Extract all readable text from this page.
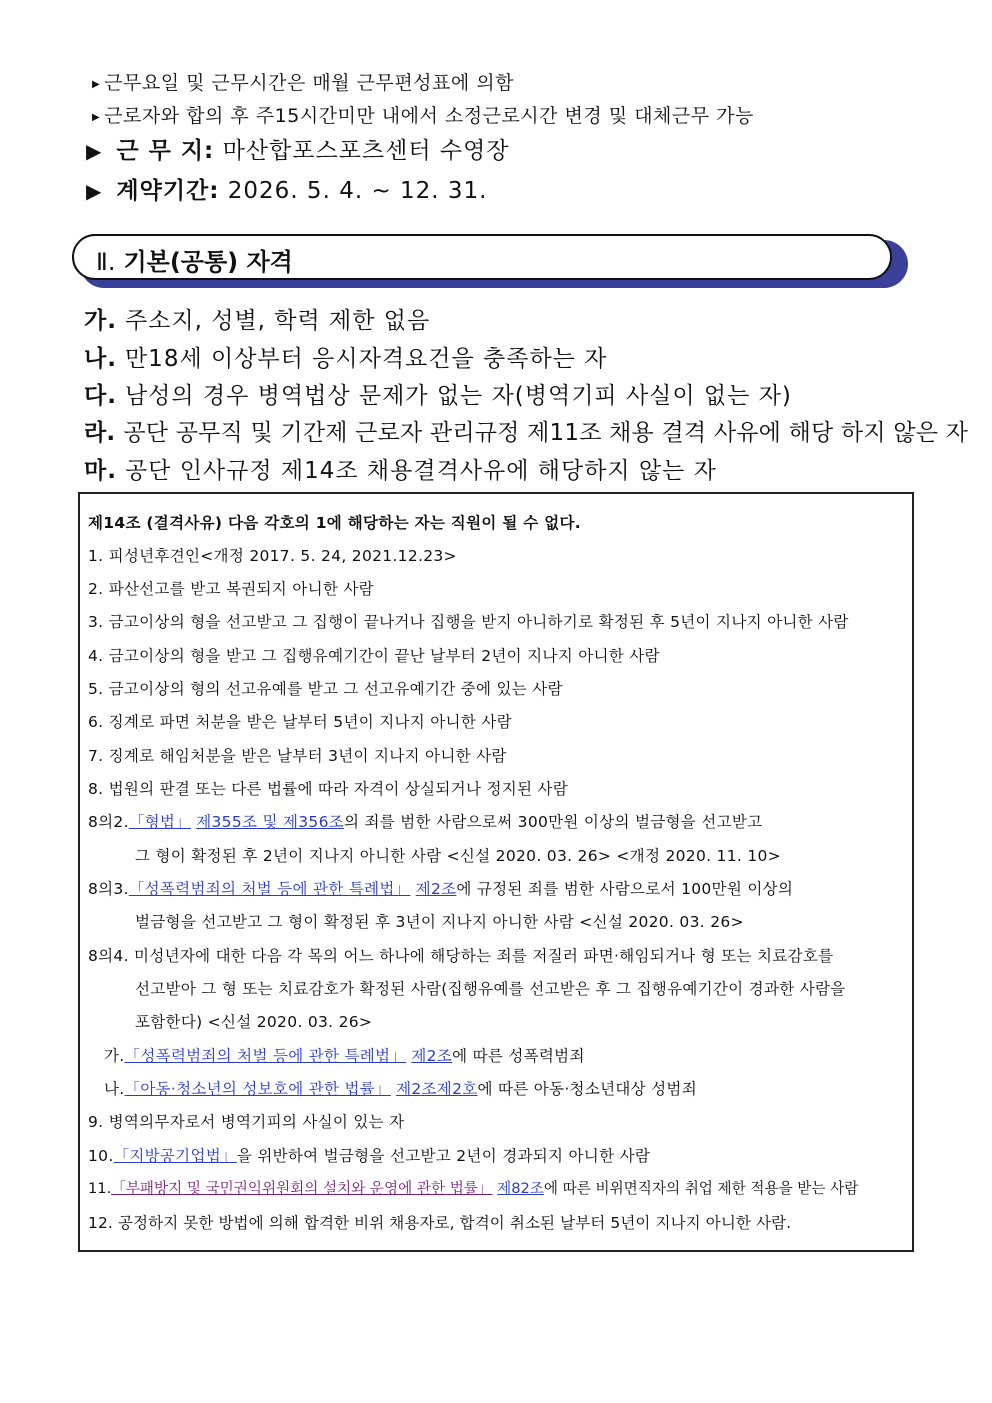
▶ 근무요일 및 근무시간은 매월 근무편성표에 의함
▶ 근로자와 합의 후 주15시간미만 내에서 소정근로시간 변경 및 대체근무 가능
▶ 근 무 지: 마산합포스포츠센터 수영장
▶ 계약기간: 2026. 5. 4. ~ 12. 31.
Ⅱ. 기본(공통) 자격
가. 주소지, 성별, 학력 제한 없음
나. 만18세 이상부터 응시자격요건을 충족하는 자
다. 남성의 경우 병역법상 문제가 없는 자(병역기피 사실이 없는 자)
라. 공단 공무직 및 기간제 근로자 관리규정 제11조 채용 결격 사유에 해당 하지 않은 자
마. 공단 인사규정 제14조 채용결격사유에 해당하지 않는 자
제14조 (결격사유) 다음 각호의 1에 해당하는 자는 직원이 될 수 없다.
1. 피성년후견인<개정 2017. 5. 24, 2021.12.23>
2. 파산선고를 받고 복권되지 아니한 사람
3. 금고이상의 형을 선고받고 그 집행이 끝나거나 집행을 받지 아니하기로 확정된 후 5년이 지나지 아니한 사람
4. 금고이상의 형을 받고 그 집행유예기간이 끝난 날부터 2년이 지나지 아니한 사람
5. 금고이상의 형의 선고유예를 받고 그 선고유예기간 중에 있는 사람
6. 징계로 파면 처분을 받은 날부터 5년이 지나지 아니한 사람
7. 징계로 해임처분을 받은 날부터 3년이 지나지 아니한 사람
8. 법원의 판결 또는 다른 법률에 따라 자격이 상실되거나 정지된 사람
8의2.「형법」 제355조 및 제356조의 죄를 범한 사람으로써 300만원 이상의 벌금형을 선고받고
그 형이 확정된 후 2년이 지나지 아니한 사람 <신설 2020. 03. 26> <개정 2020. 11. 10>
8의3.「성폭력범죄의 처벌 등에 관한 특례법」 제2조에 규정된 죄를 범한 사람으로서 100만원 이상의
벌금형을 선고받고 그 형이 확정된 후 3년이 지나지 아니한 사람 <신설 2020. 03. 26>
8의4. 미성년자에 대한 다음 각 목의 어느 하나에 해당하는 죄를 저질러 파면·해임되거나 형 또는 치료감호를
선고받아 그 형 또는 치료감호가 확정된 사람(집행유예를 선고받은 후 그 집행유예기간이 경과한 사람을
포함한다) <신설 2020. 03. 26>
가.「성폭력범죄의 처벌 등에 관한 특례법」 제2조에 따른 성폭력범죄
나.「아동·청소년의 성보호에 관한 법률」 제2조제2호에 따른 아동·청소년대상 성범죄
9. 병역의무자로서 병역기피의 사실이 있는 자
10.「지방공기업법」을 위반하여 벌금형을 선고받고 2년이 경과되지 아니한 사람
11.「부패방지 및 국민권익위원회의 설치와 운영에 관한 법률」 제82조에 따른 비위면직자의 취업 제한 적용을 받는 사람
12. 공정하지 못한 방법에 의해 합격한 비위 채용자로, 합격이 취소된 날부터 5년이 지나지 아니한 사람.
